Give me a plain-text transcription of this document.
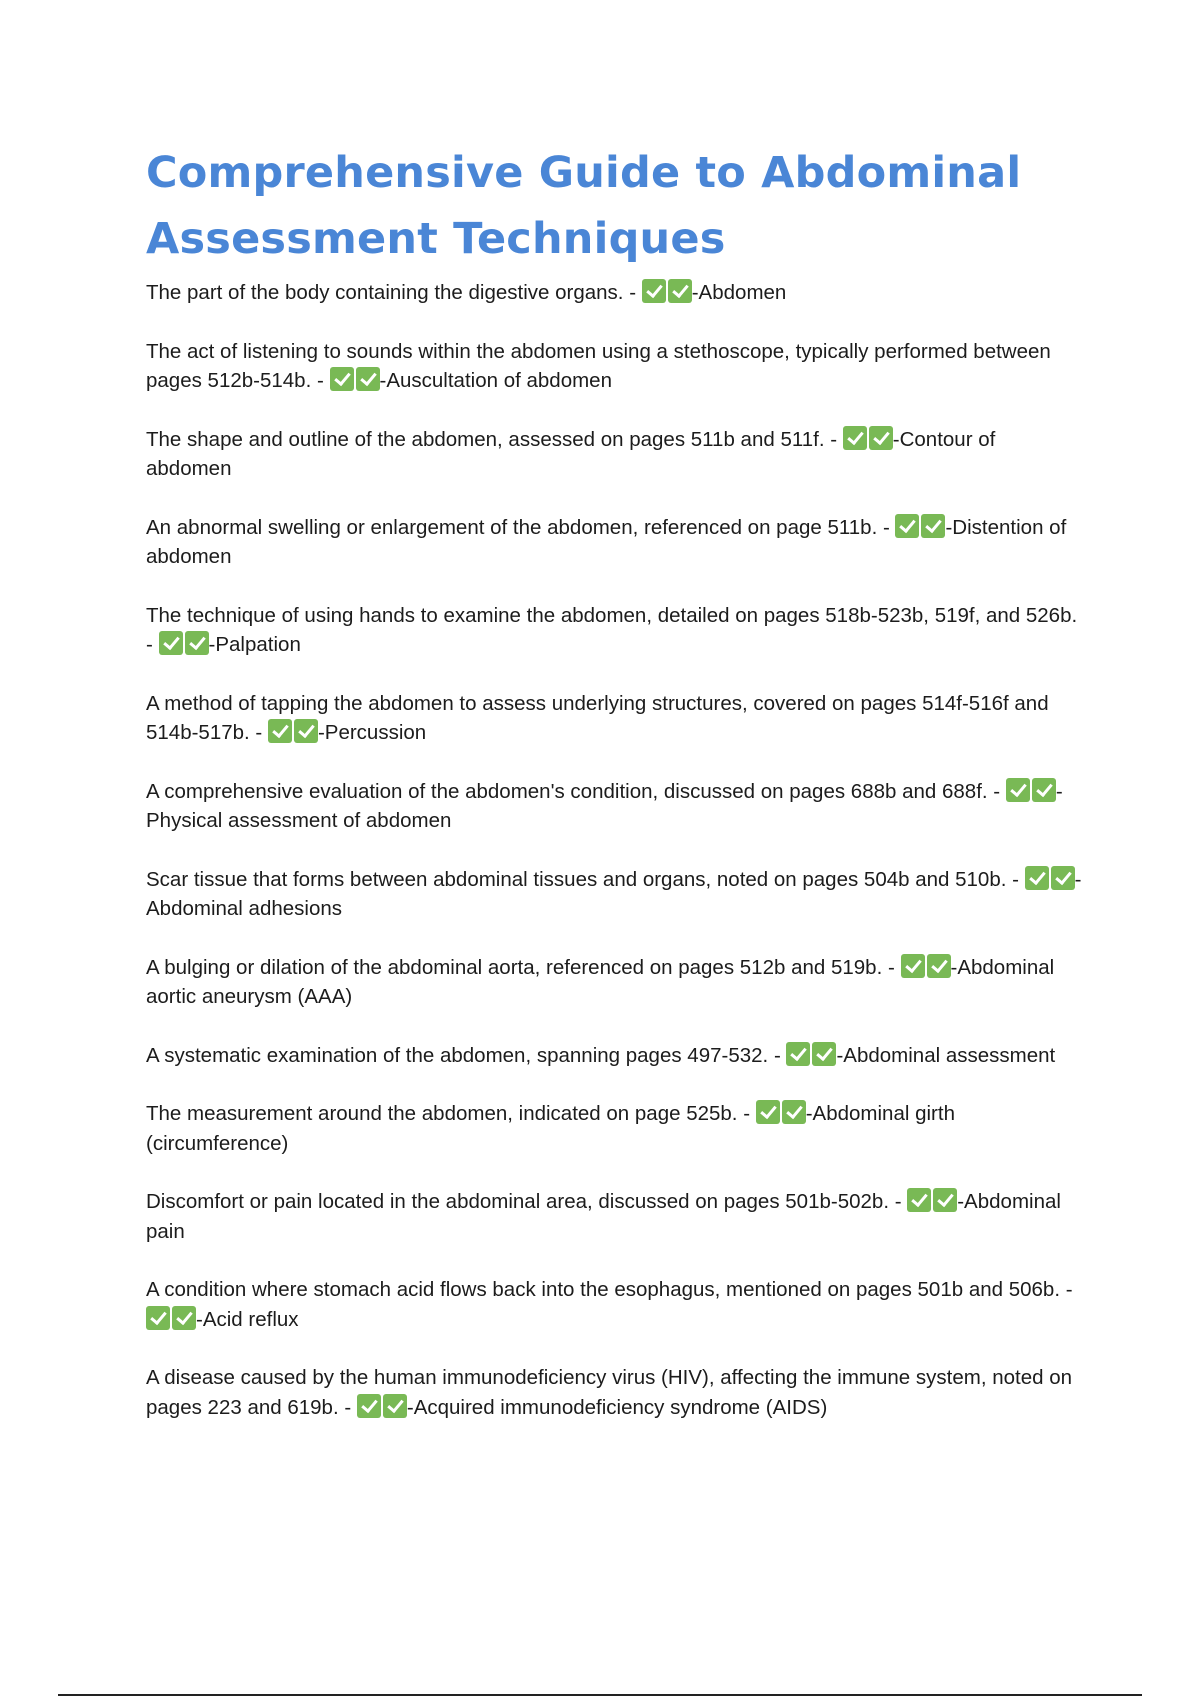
Comprehensive Guide to Abdominal Assessment Techniques

The part of the body containing the digestive organs. -
-Abdomen

The act of listening to sounds within the abdomen using a stethoscope, typically performed between pages 512b-514b. -
-Auscultation of abdomen

The shape and outline of the abdomen, assessed on pages 511b and 511f. -
-Contour of abdomen

An abnormal swelling or enlargement of the abdomen, referenced on page 511b. -
-Distention of abdomen

The technique of using hands to examine the abdomen, detailed on pages 518b-523b, 519f, and 526b. -
-Palpation

A method of tapping the abdomen to assess underlying structures, covered on pages 514f-516f and 514b-517b. -
-Percussion

A comprehensive evaluation of the abdomen's condition, discussed on pages 688b and 688f. -
-Physical assessment of abdomen

Scar tissue that forms between abdominal tissues and organs, noted on pages 504b and 510b. -
-Abdominal adhesions

A bulging or dilation of the abdominal aorta, referenced on pages 512b and 519b. -
-Abdominal aortic aneurysm (AAA)

A systematic examination of the abdomen, spanning pages 497-532. -
-Abdominal assessment

The measurement around the abdomen, indicated on page 525b. -
-Abdominal girth (circumference)

Discomfort or pain located in the abdominal area, discussed on pages 501b-502b. -
-Abdominal pain

A condition where stomach acid flows back into the esophagus, mentioned on pages 501b and 506b. -
-Acid reflux

A disease caused by the human immunodeficiency virus (HIV), affecting the immune system, noted on pages 223 and 619b. -
-Acquired immunodeficiency syndrome (AIDS)
